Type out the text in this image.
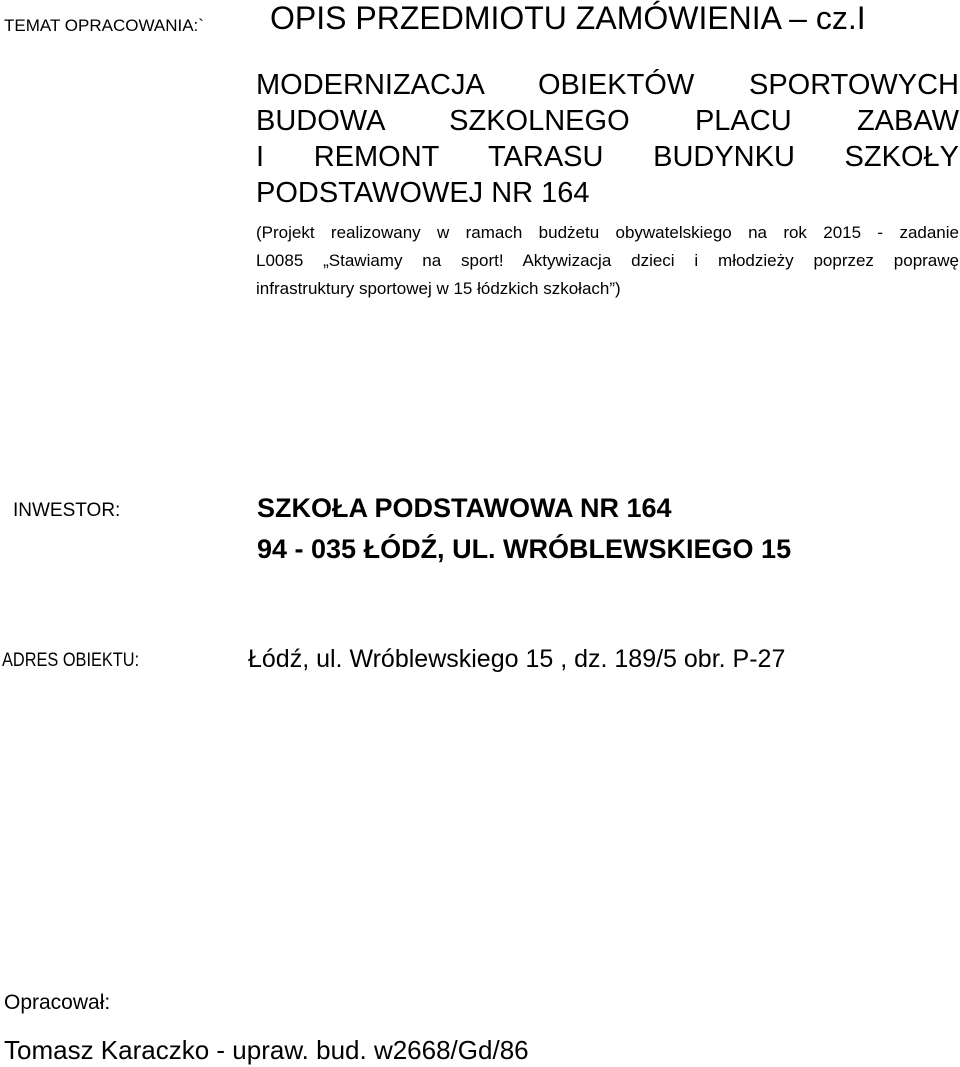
TEMAT OPRACOWANIA:` OPIS PRZEDMIOTU ZAMÓWIENIA – cz.I
MODERNIZACJA OBIEKTÓW SPORTOWYCH
BUDOWA SZKOLNEGO PLACU ZABAW
I REMONT TARASU BUDYNKU SZKOŁY
PODSTAWOWEJ NR 164
(Projekt realizowany w ramach budżetu obywatelskiego na rok 2015 - zadanie
L0085 „Stawiamy na sport! Aktywizacja dzieci i młodzieży poprzez poprawę
infrastruktury sportowej w 15 łódzkich szkołach”)
INWESTOR:	SZKOŁA PODSTAWOWA NR 164
94 - 035 ŁÓDŹ, UL. WRÓBLEWSKIEGO 15
ADRES OBIEKTU:	Łódź, ul. Wróblewskiego 15 , dz. 189/5 obr. P-27
Opracował:
Tomasz Karaczko - upraw. bud. w2668/Gd/86
